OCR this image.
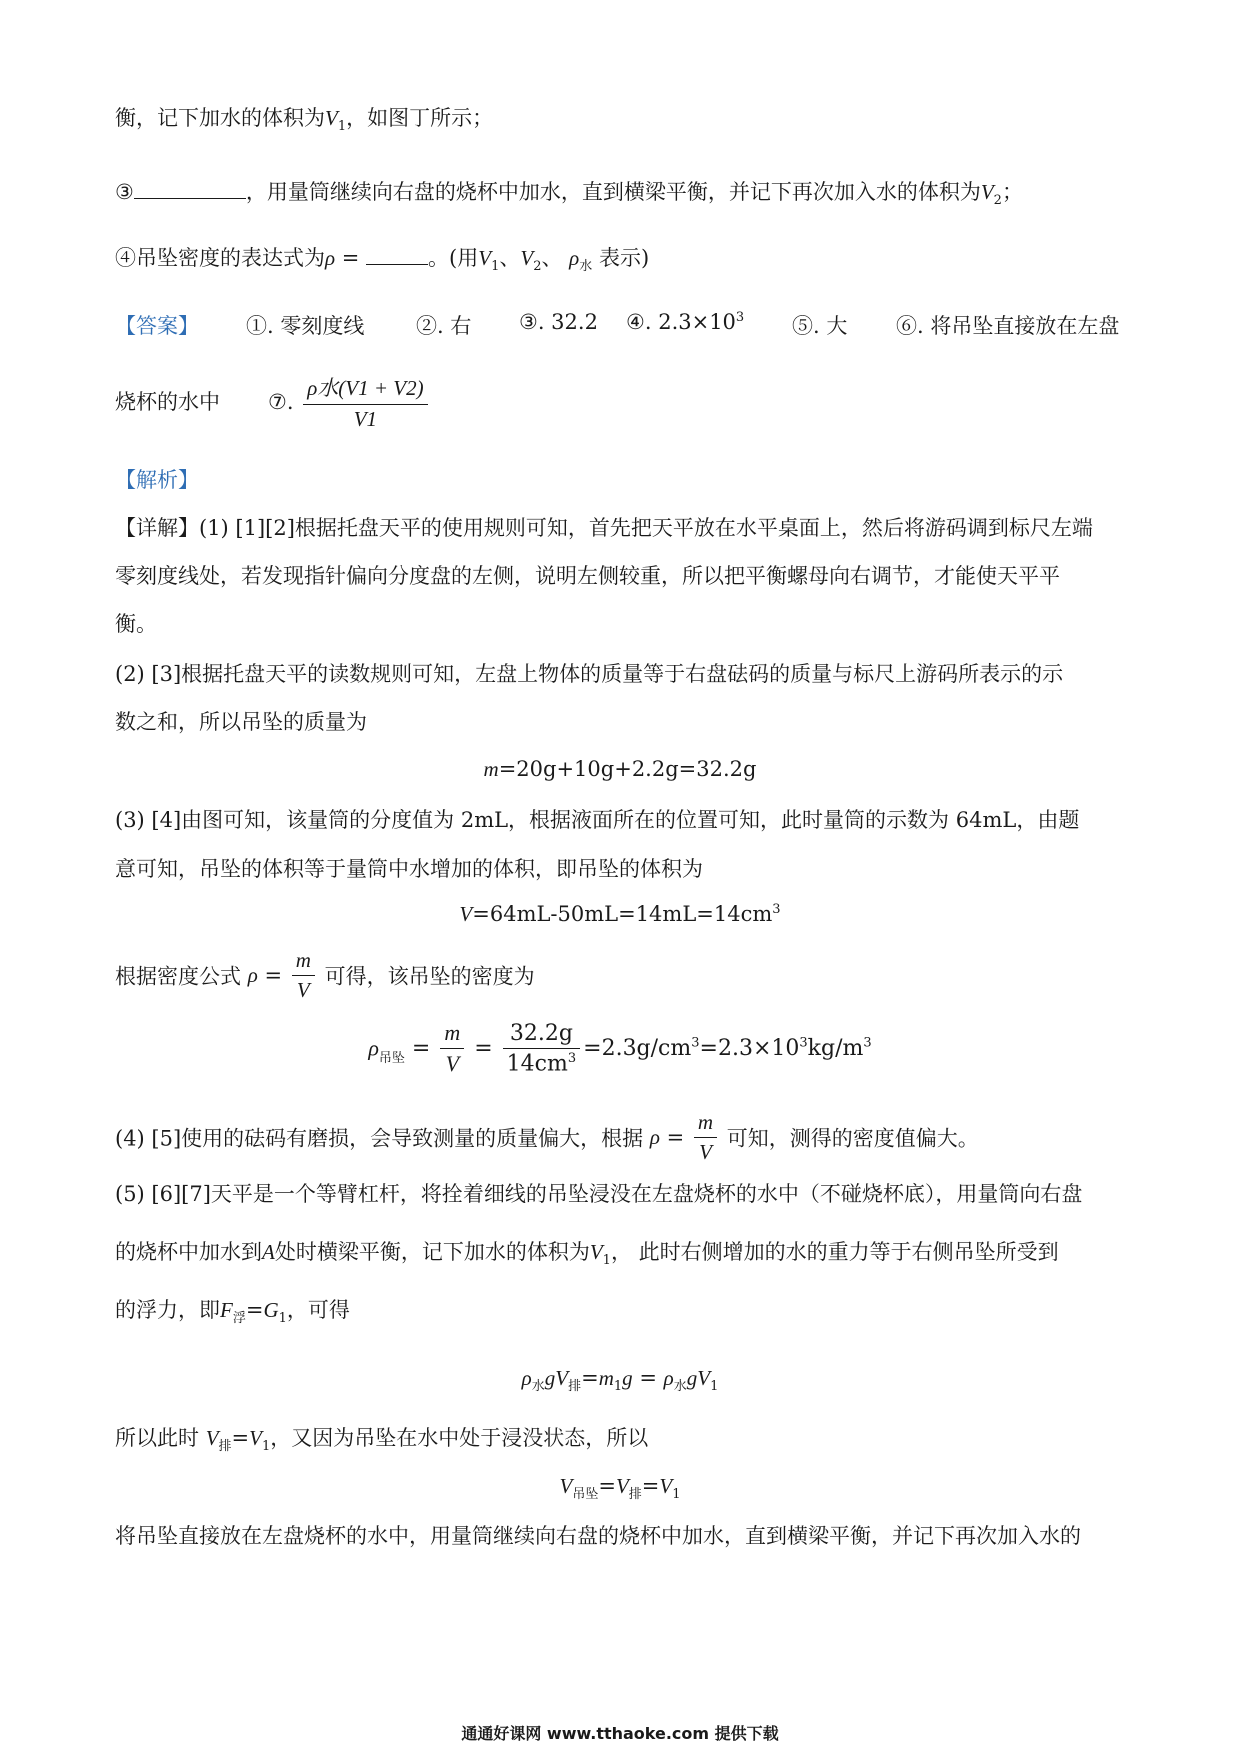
衡，记下加水的体积为$V_1$，如图丁所示；
③	，用量筒继续向右盘的烧杯中加水，直到横梁平衡，并记下再次加入水的体积为$V_2$；
④吊坠密度的表达式为ρ =	。(用$V_1$、$V_2$、 $\rho_水$ 表示)
【答案】 ①. 零刻度线 ②. 右 ③. 32.2 ④. $2.3\times 10^3$ ⑤. 大 ⑥. 将吊坠直接放在左盘
烧杯的水中 ⑦. $\frac{\text{ρ水(V1 + V2)}}{V1}$
【解析】
【详解】(1) [1][2]根据托盘天平的使用规则可知，首先把天平放在水平桌面上，然后将游码调到标尺左端
零刻度线处，若发现指针偏向分度盘的左侧，说明左侧较重，所以把平衡螺母向右调节，才能使天平平
衡。
(2) [3]根据托盘天平的读数规则可知，左盘上物体的质量等于右盘砝码的质量与标尺上游码所表示的示
数之和，所以吊坠的质量为
m=20g+10g+2.2g=32.2g
(3) [4]由图可知，该量筒的分度值为 2mL，根据液面所在的位置可知，此时量筒的示数为 64mL，由题
意可知，吊坠的体积等于量筒中水增加的体积，即吊坠的体积为
$V=64mL-50mL=14mL=14cm^3$
根据密度公式 $\rho = \frac{m}{V}$ 可得，该吊坠的密度为
$\rho_{吊坠} = \frac{m}{V} = \frac{32.2g}{14cm^3} =2.3g/cm^3=2.3\times 10^3kg/m^3$
(4) [5]使用的砝码有磨损，会导致测量的质量偏大，根据 $\rho = \frac{m}{V}$ 可知，测得的密度值偏大。
(5) [6][7]天平是一个等臂杠杆，将拴着细线的吊坠浸没在左盘烧杯的水中（不碰烧杯底），用量筒向右盘
的烧杯中加水到A处时横梁平衡，记下加水的体积为$V_1$， 此时右侧增加的水的重力等于右侧吊坠所受到
的浮力，即$F_浮=G_1$，可得
$\rho_水gV_排=m_1g = \rho_水gV_1$
所以此时 $V_排=V_1$，又因为吊坠在水中处于浸没状态，所以
$V_{吊坠}=V_排=V_1$
将吊坠直接放在左盘烧杯的水中，用量筒继续向右盘的烧杯中加水，直到横梁平衡，并记下再次加入水的
通通好课网 www.tthaoke.com 提供下载
